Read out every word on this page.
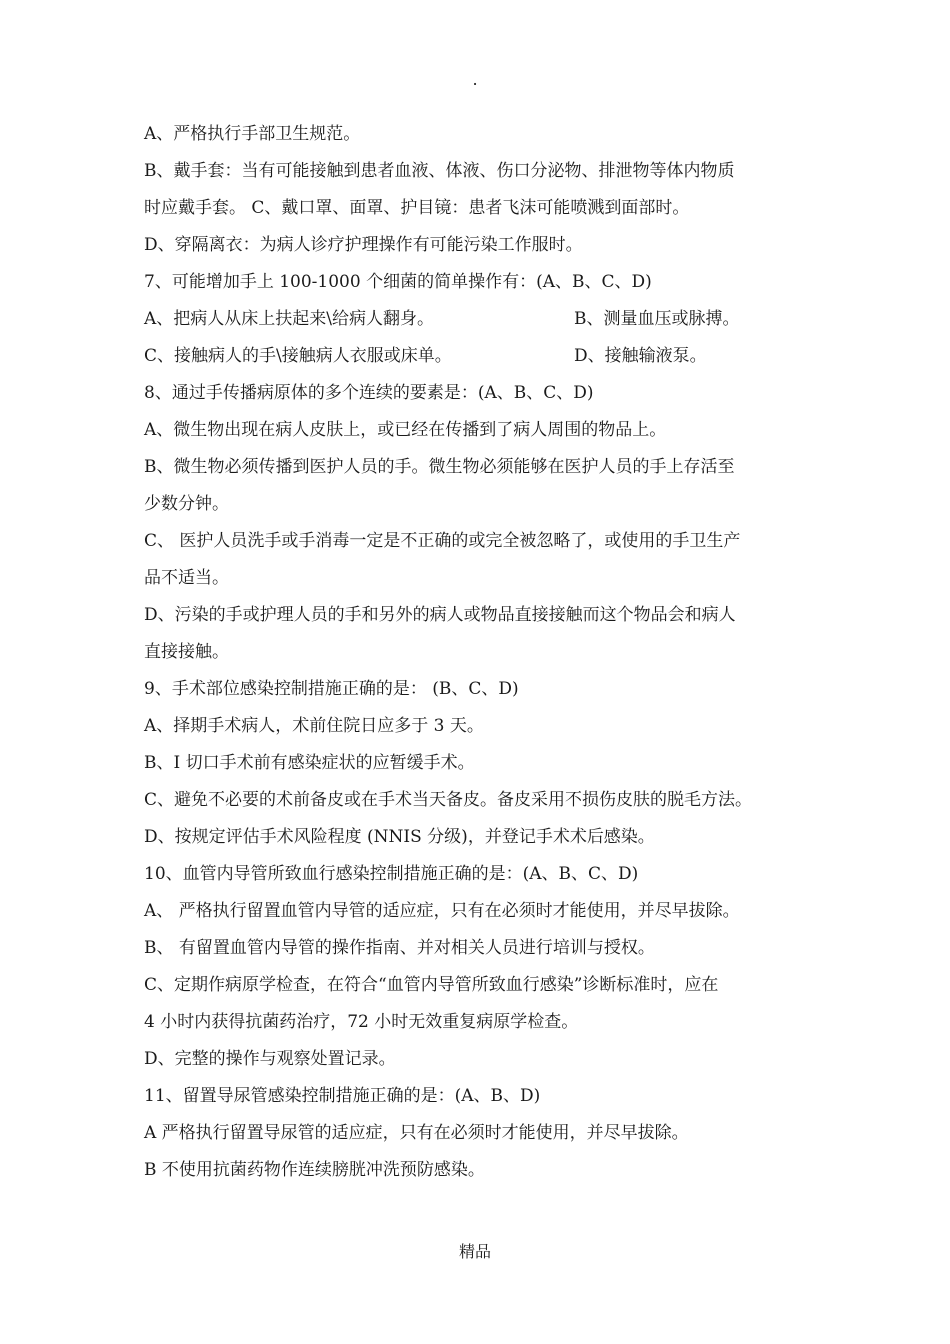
.
A、严格执行手部卫生规范。
B、戴手套：当有可能接触到患者血液、体液、伤口分泌物、排泄物等体内物质
时应戴手套。 C、戴口罩、面罩、护目镜：患者飞沫可能喷溅到面部时。
D、穿隔离衣：为病人诊疗护理操作有可能污染工作服时。
7、可能增加手上 100-1000 个细菌的简单操作有：(A、B、C、D)
A、把病人从床上扶起来\给病人翻身。	B、测量血压或脉搏。
C、接触病人的手\接触病人衣服或床单。	D、接触输液泵。
8、通过手传播病原体的多个连续的要素是：(A、B、C、D)
A、微生物出现在病人皮肤上，或已经在传播到了病人周围的物品上。
B、微生物必须传播到医护人员的手。微生物必须能够在医护人员的手上存活至
少数分钟。
C、 医护人员洗手或手消毒一定是不正确的或完全被忽略了，或使用的手卫生产
品不适当。
D、污染的手或护理人员的手和另外的病人或物品直接接触而这个物品会和病人
直接接触。
9、手术部位感染控制措施正确的是： (B、C、D)
A、择期手术病人，术前住院日应多于 3 天。
B、I 切口手术前有感染症状的应暂缓手术。
C、避免不必要的术前备皮或在手术当天备皮。备皮采用不损伤皮肤的脱毛方法。
D、按规定评估手术风险程度 (NNIS 分级)，并登记手术术后感染。
10、血管内导管所致血行感染控制措施正确的是：(A、B、C、D)
A、 严格执行留置血管内导管的适应症，只有在必须时才能使用，并尽早拔除。
B、 有留置血管内导管的操作指南、并对相关人员进行培训与授权。
C、定期作病原学检查，在符合“血管内导管所致血行感染”诊断标准时，应在
4 小时内获得抗菌药治疗，72 小时无效重复病原学检查。
D、完整的操作与观察处置记录。
11、留置导尿管感染控制措施正确的是：(A、B、D)
A 严格执行留置导尿管的适应症，只有在必须时才能使用，并尽早拔除。
B 不使用抗菌药物作连续膀胱冲洗预防感染。
精品
